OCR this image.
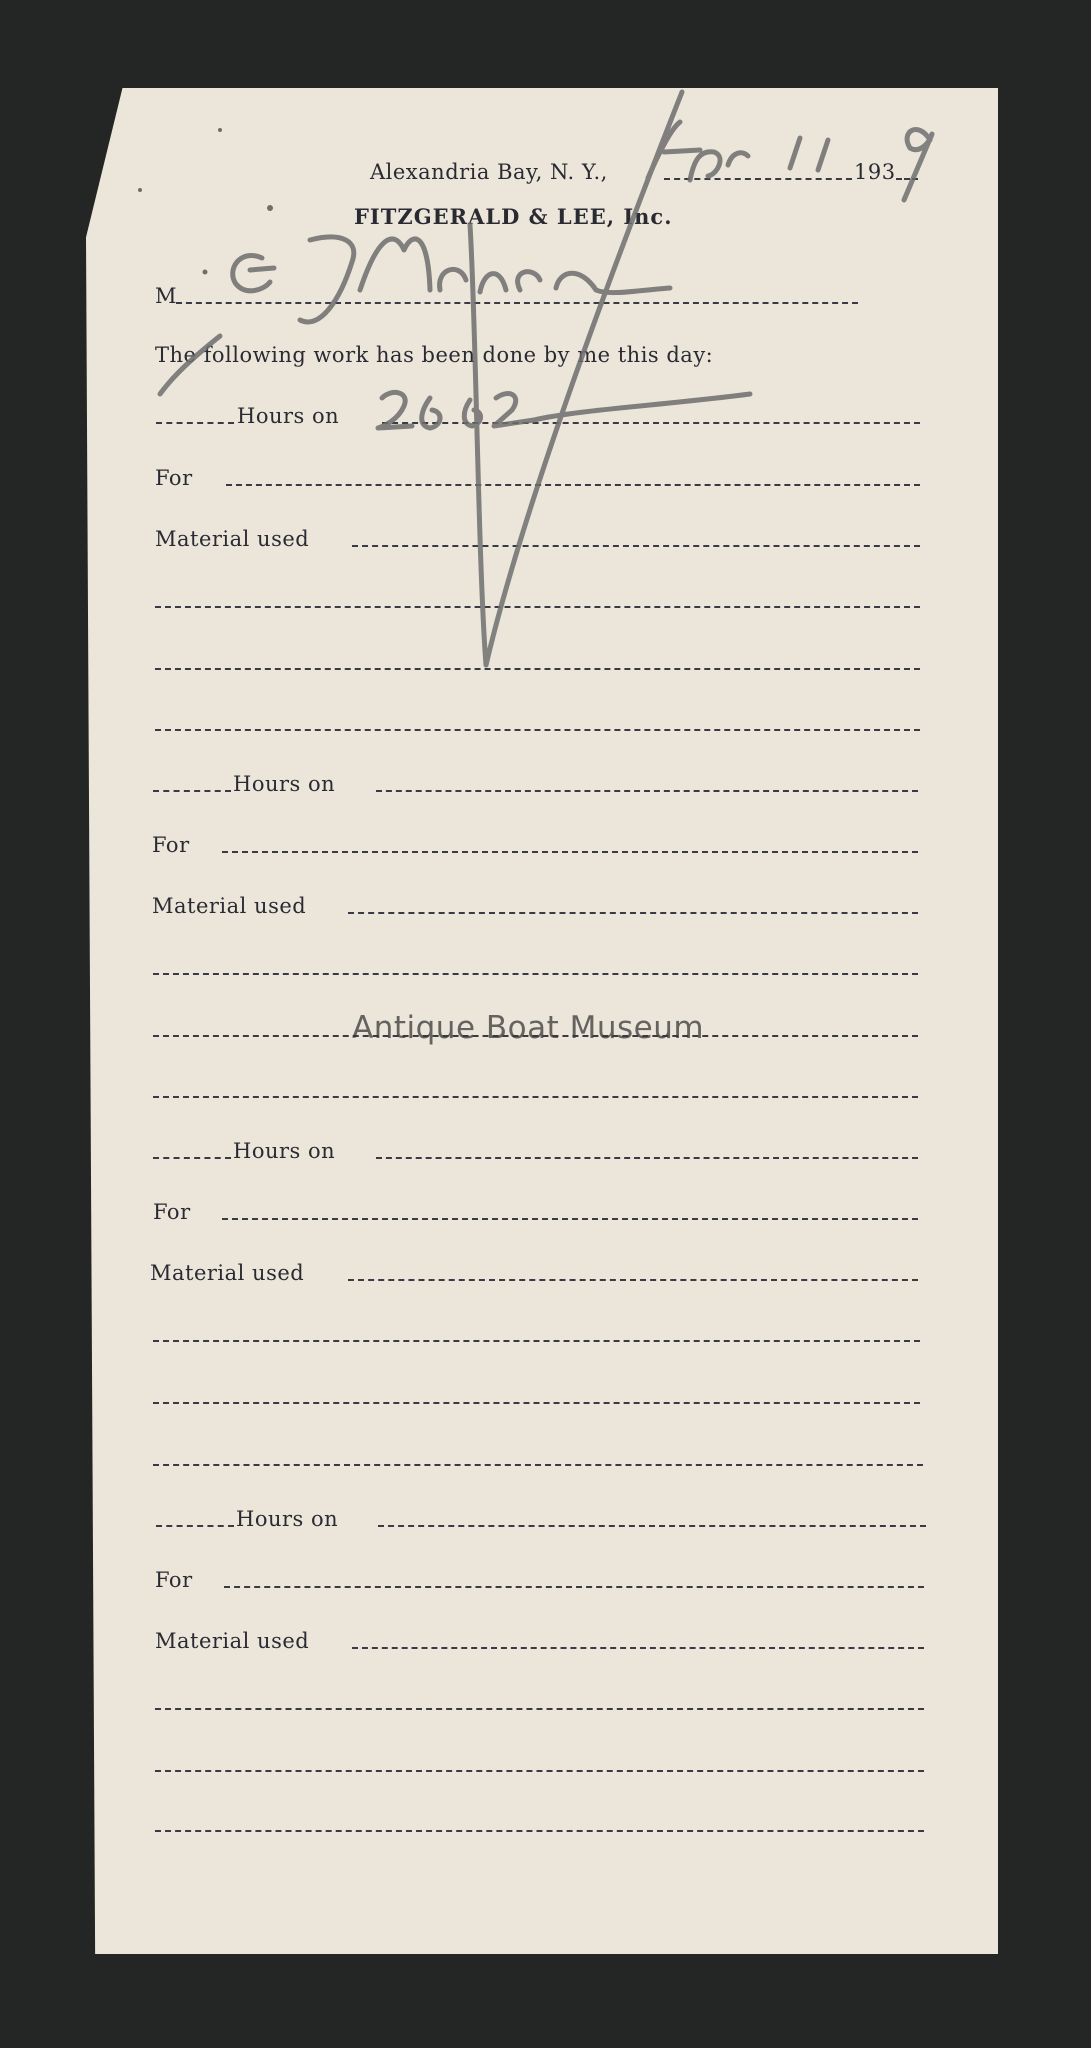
Alexandria Bay, N. Y.,	193
FITZGERALD & LEE, Inc.
M
The following work has been done by me this day:
Hours on
For
Material used
Hours on
For
Material used
Hours on
For
Material used
Hours on
For
Material used
Antique Boat Museum
